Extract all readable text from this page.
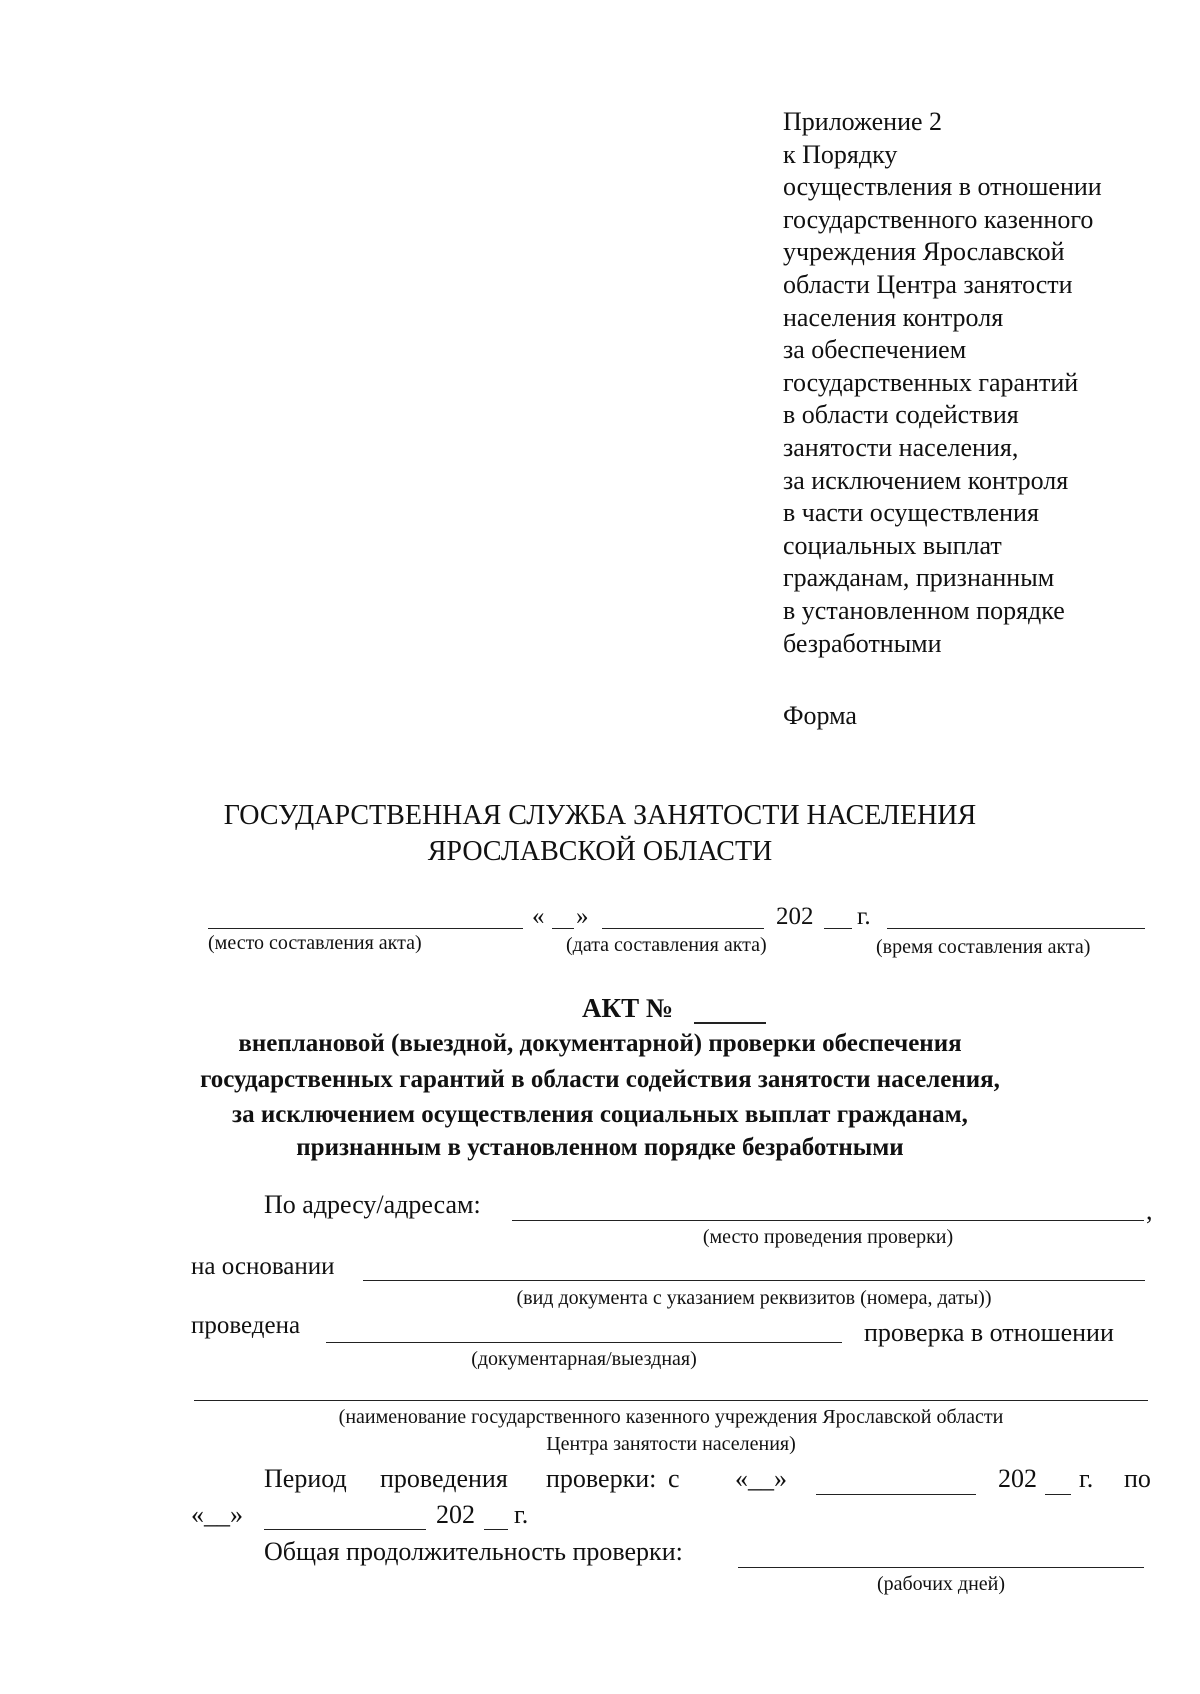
Приложение 2
к Порядку
осуществления в отношении
государственного казенного
учреждения Ярославской
области Центра занятости
населения контроля
за обеспечением
государственных гарантий
в области содействия
занятости населения,
за исключением контроля
в части осуществления
социальных выплат
гражданам, признанным
в установленном порядке
безработными
Форма
ГОСУДАРСТВЕННАЯ СЛУЖБА ЗАНЯТОСТИ НАСЕЛЕНИЯ
ЯРОСЛАВСКОЙ ОБЛАСТИ
« »	202 г.
(место составления акта)	(дата составления акта)	(время составления акта)
АКТ №
внеплановой (выездной, документарной) проверки обеспечения
государственных гарантий в области содействия занятости населения,
за исключением осуществления социальных выплат гражданам,
признанным в установленном порядке безработными
По адресу/адресам:	,
(место проведения проверки)
на основании
(вид документа с указанием реквизитов (номера, даты))
проведена	проверка в отношении
(документарная/выездная)
(наименование государственного казенного учреждения Ярославской области
Центра занятости населения)
Период проведения проверки: с «__»	202 г. по
«__»	202 г.
Общая продолжительность проверки:
(рабочих дней)
